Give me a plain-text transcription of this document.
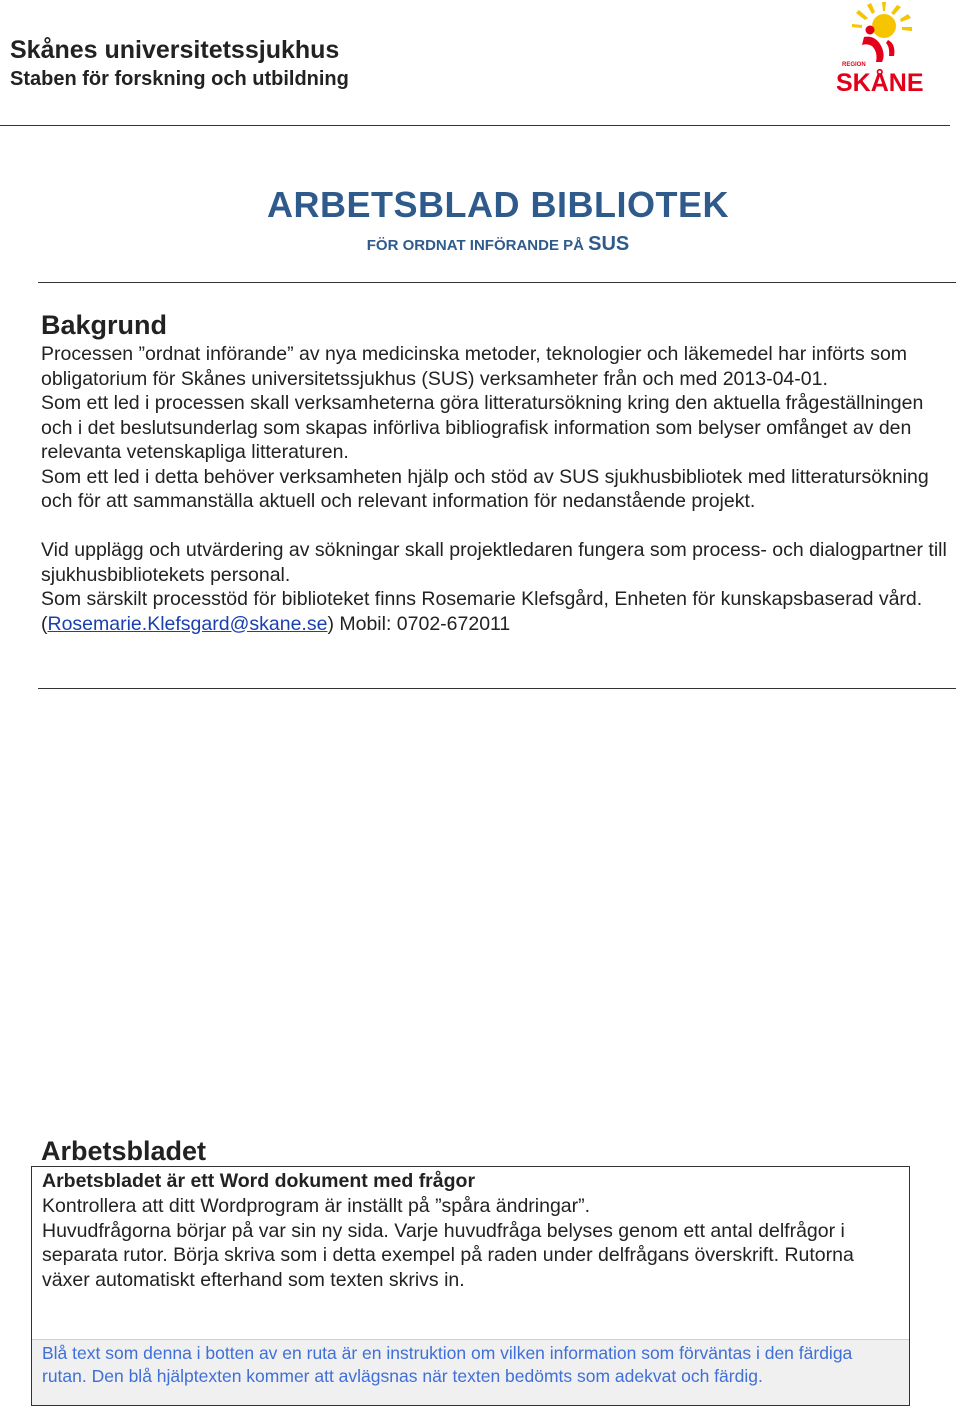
Skånes universitetssjukhus
Staben för forskning och utbildning
REGION
SKÅNE
ARBETSBLAD BIBLIOTEK
FÖR ORDNAT INFÖRANDE PÅ SUS
Bakgrund

Processen ”ordnat införande” av nya medicinska metoder, teknologier och läkemedel har införts som obligatorium för Skånes universitetssjukhus (SUS) verksamheter från och med 2013-04-01.

Som ett led i processen skall verksamheterna göra litteratursökning kring den aktuella frågeställningen och i det beslutsunderlag som skapas införliva bibliografisk information som belyser omfånget av den relevanta vetenskapliga litteraturen.

Som ett led i detta behöver verksamheten hjälp och stöd av SUS sjukhusbibliotek med litteratursökning och för att sammanställa aktuell och relevant information för nedanstående projekt.

Vid upplägg och utvärdering av sökningar skall projektledaren fungera som process- och dialogpartner till sjukhusbibliotekets personal.

Som särskilt processtöd för biblioteket finns Rosemarie Klefsgård, Enheten för kunskapsbaserad vård. (Rosemarie.Klefsgard@skane.se) Mobil: 0702-672011

Arbetsbladet
Arbetsbladet är ett Word dokument med frågor

Kontrollera att ditt Wordprogram är inställt på ”spåra ändringar”.

Huvudfrågorna börjar på var sin ny sida. Varje huvudfråga belyses genom ett antal delfrågor i separata rutor. Börja skriva som i detta exempel på raden under delfrågans överskrift. Rutorna växer automatiskt efterhand som texten skrivs in.

Blå text som denna i botten av en ruta är en instruktion om vilken information som förväntas i den färdiga rutan. Den blå hjälptexten kommer att avlägsnas när texten bedömts som adekvat och färdig.
